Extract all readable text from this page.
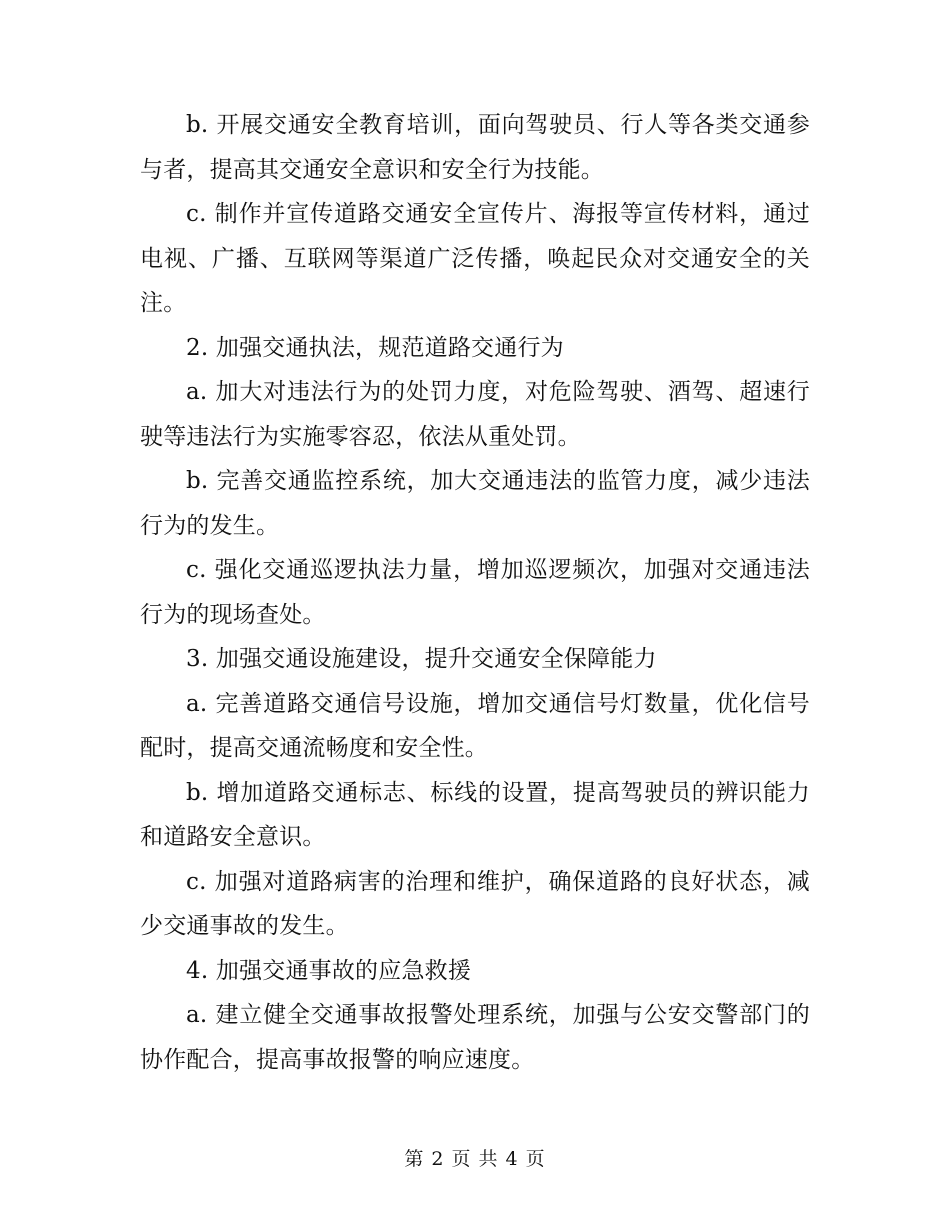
b. 开展交通安全教育培训，面向驾驶员、行人等各类交通参与者，提高其交通安全意识和安全行为技能。

c. 制作并宣传道路交通安全宣传片、海报等宣传材料，通过电视、广播、互联网等渠道广泛传播，唤起民众对交通安全的关注。

2. 加强交通执法，规范道路交通行为

a. 加大对违法行为的处罚力度，对危险驾驶、酒驾、超速行驶等违法行为实施零容忍，依法从重处罚。

b. 完善交通监控系统，加大交通违法的监管力度，减少违法行为的发生。

c. 强化交通巡逻执法力量，增加巡逻频次，加强对交通违法行为的现场查处。

3. 加强交通设施建设，提升交通安全保障能力

a. 完善道路交通信号设施，增加交通信号灯数量，优化信号配时，提高交通流畅度和安全性。

b. 增加道路交通标志、标线的设置，提高驾驶员的辨识能力和道路安全意识。

c. 加强对道路病害的治理和维护，确保道路的良好状态，减少交通事故的发生。

4. 加强交通事故的应急救援

a. 建立健全交通事故报警处理系统，加强与公安交警部门的协作配合，提高事故报警的响应速度。

第 2 页 共 4 页
